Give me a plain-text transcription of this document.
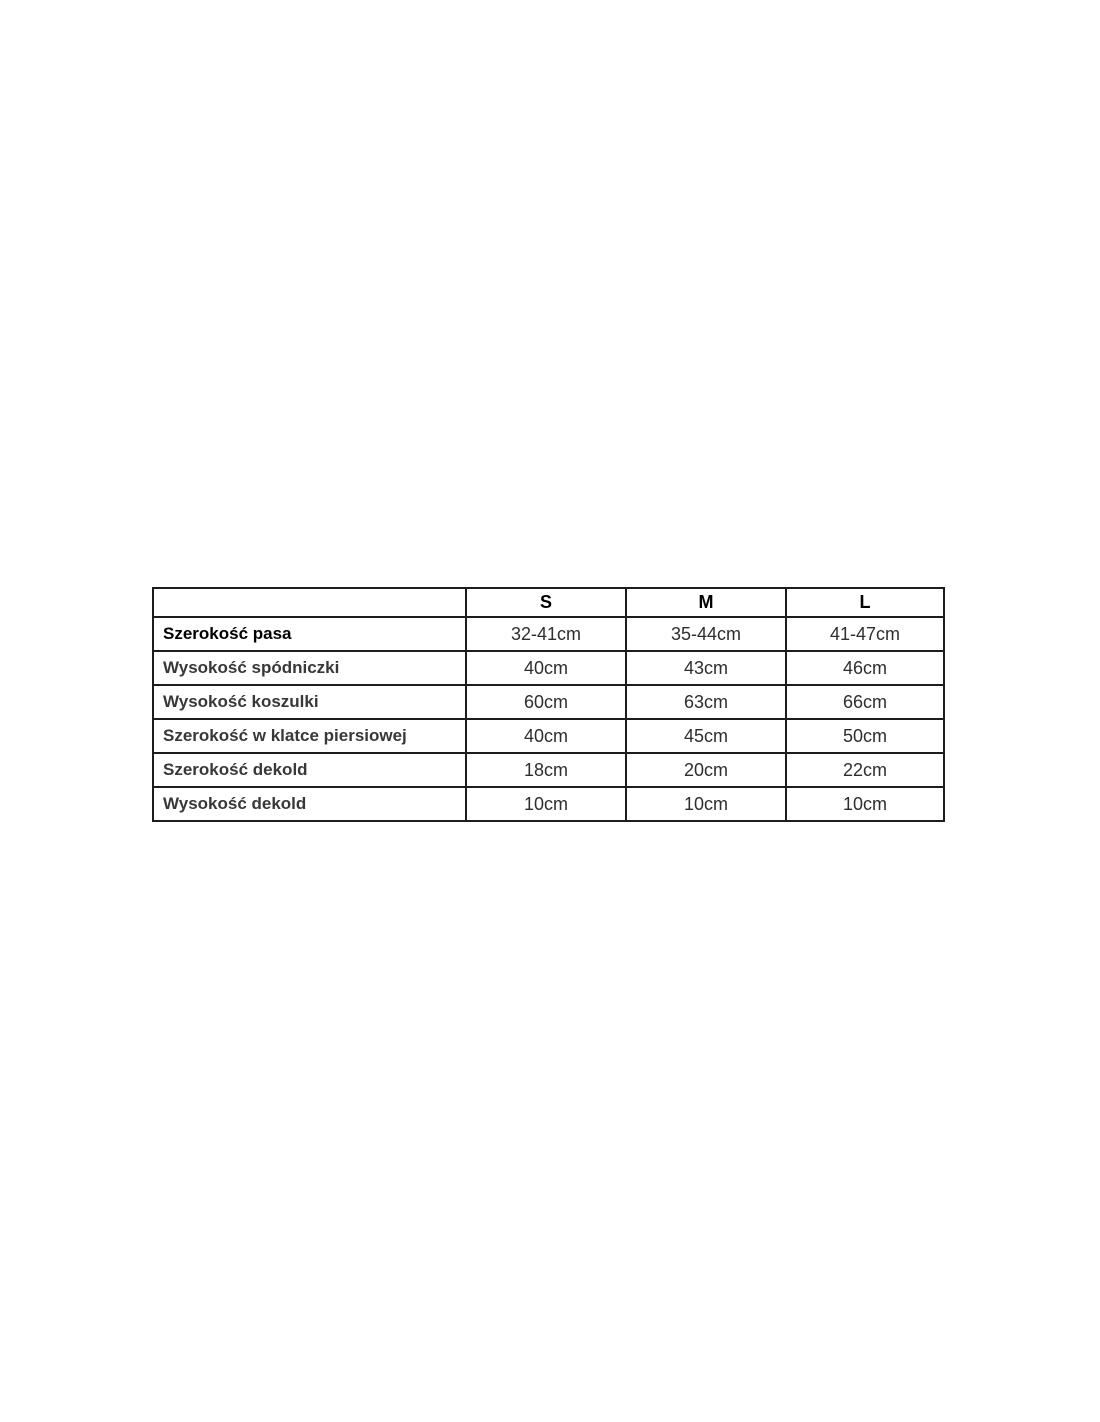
	S	M	L
Szerokość pasa	32-41cm	35-44cm	41-47cm
Wysokość spódniczki	40cm	43cm	46cm
Wysokość koszulki	60cm	63cm	66cm
Szerokość w klatce piersiowej	40cm	45cm	50cm
Szerokość dekold	18cm	20cm	22cm
Wysokość dekold	10cm	10cm	10cm
